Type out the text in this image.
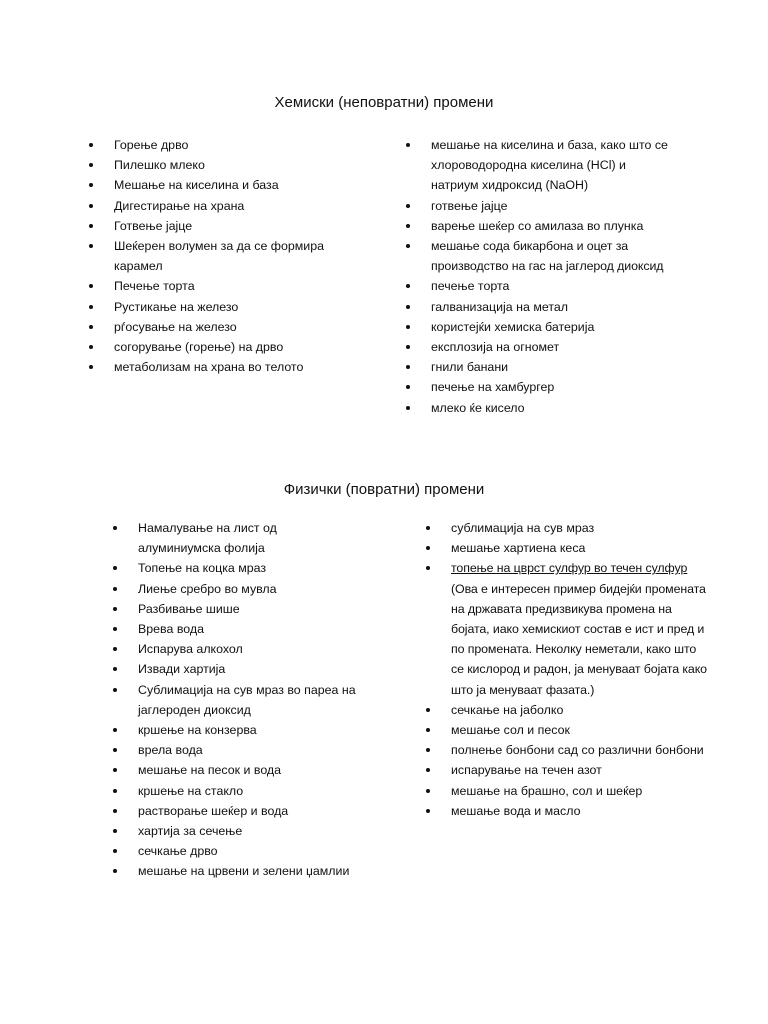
Хемиски (неповратни) промени
Горење дрво
Пилешко млеко
Мешање на киселина и база
Дигестирање на храна
Готвење јајце
Шеќерен волумен за да се формира карамел
Печење торта
Рустикање на железо
рѓосување на железо
согорување (горење) на дрво
метаболизам на храна во телото
мешање на киселина и база, како што се хлороводородна киселина (HCl) и натриум хидроксид (NaOH)
готвење јајце
варење шеќер со амилаза во плунка
мешање сода бикарбона и оцет за производство на гас на јаглерод диоксид
печење торта
галванизација на метал
користејќи хемиска батерија
експлозија на огномет
гнили банани
печење на хамбургер
млеко ќе кисело
Физички (повратни) промени
Намалување на лист од алуминиумска фолија
Топење на коцка мраз
Лиење сребро во мувла
Разбивање шише
Врева вода
Испарува алкохол
Извади хартија
Сублимација на сув мраз во пареа на јаглероден диоксид
кршење на конзерва
врела вода
мешање на песок и вода
кршење на стакло
растворање шеќер и вода
хартија за сечење
сечкање дрво
мешање на црвени и зелени џамлии
сублимација на сув мраз
мешање хартиена кеса
топење на цврст сулфур во течен сулфур (Ова е интересен пример бидејќи промената на државата предизвикува промена на бојата, иако хемискиот состав е ист и пред и по промената. Неколку неметали, како што се кислород и радон, ја менуваат бојата како што ја менуваат фазата.)
сечкање на јаболко
мешање сол и песок
полнење бонбони сад со различни бонбони
испарување на течен азот
мешање на брашно, сол и шеќер
мешање вода и масло
